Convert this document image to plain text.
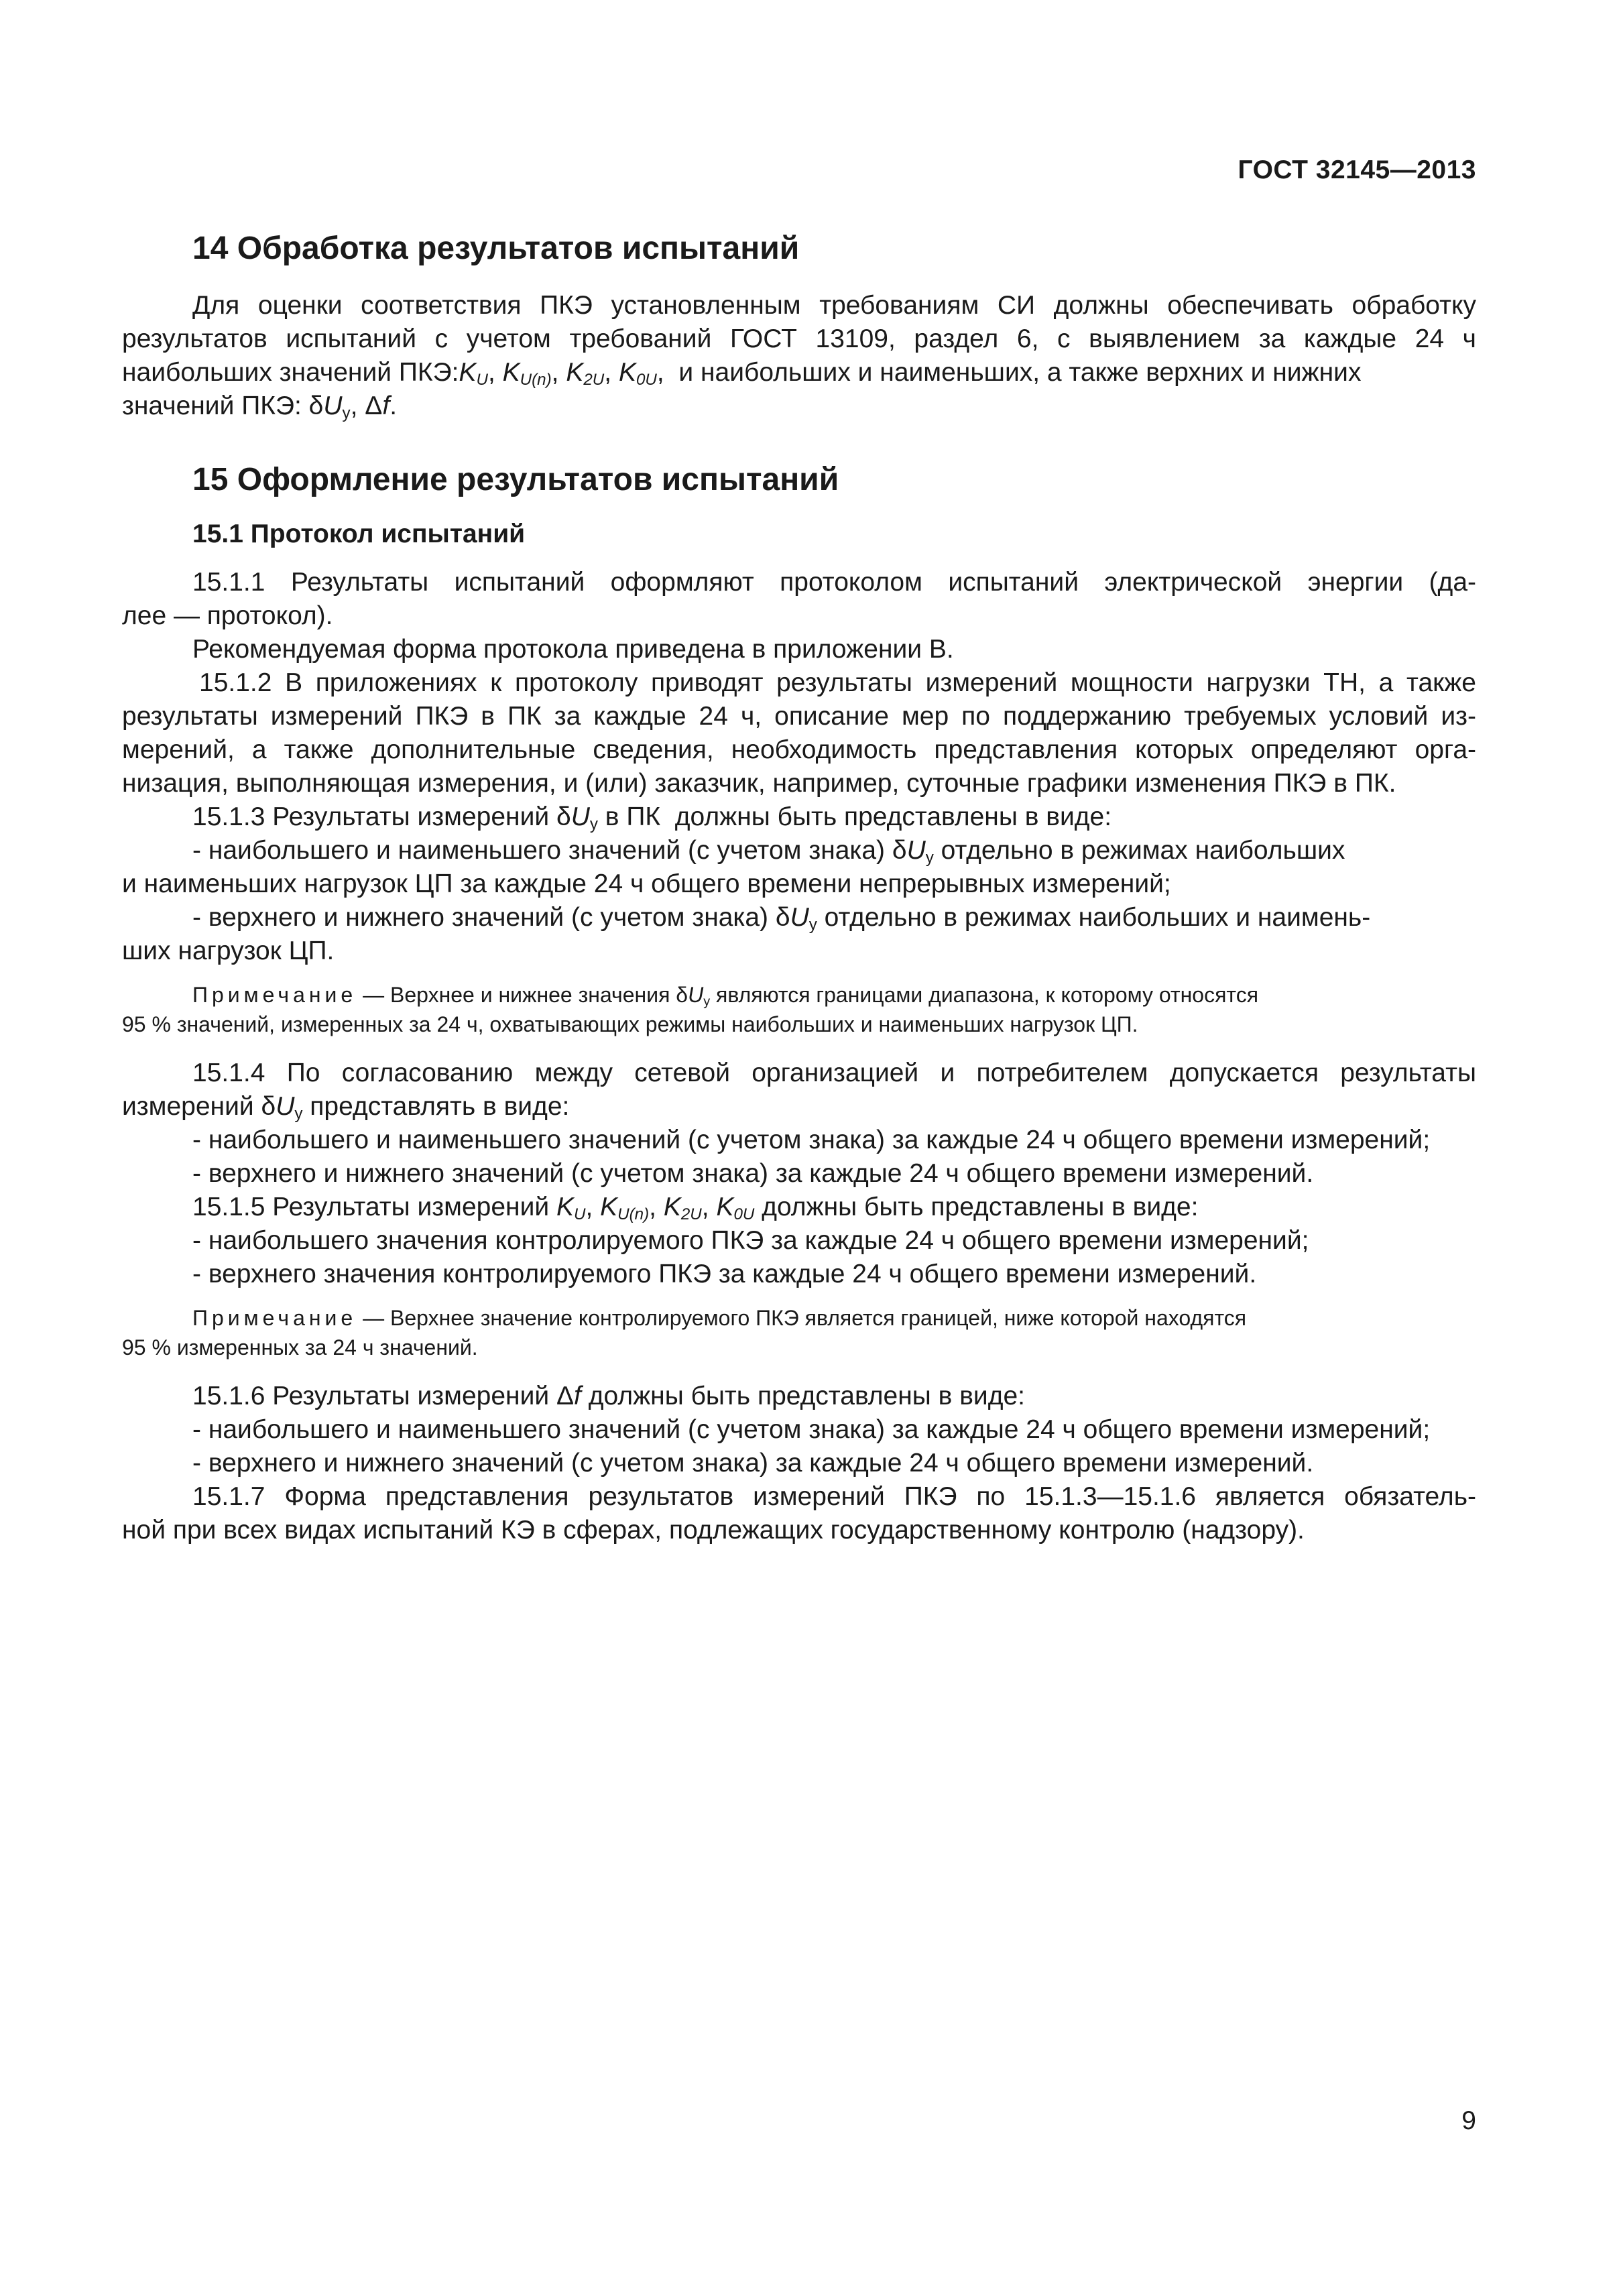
ГОСТ 32145—2013
14 Обработка результатов испытаний
Для оценки соответствия ПКЭ установленным требованиям СИ должны обеспечивать обработку
результатов испытаний с учетом требований ГОСТ 13109, раздел 6, с выявлением за каждые 24 ч
наибольших значений $ПКЭ:K_U$, $K_{U(n)}$, $K_{2U}$, $K_{0U}$,  и наибольших и наименьших, а также верхних и нижних
значений ПКЭ: $\delta U_у$, Δf.
15 Оформление результатов испытаний
15.1 Протокол испытаний
15.1.1 Результаты испытаний оформляют протоколом испытаний электрической энергии (да-
лее — протокол).
Рекомендуемая форма протокола приведена в приложении В.
15.1.2 В приложениях к протоколу приводят результаты измерений мощности нагрузки ТН, а также
результаты измерений ПКЭ в ПК за каждые 24 ч, описание мер по поддержанию требуемых условий из-
мерений, а также дополнительные сведения, необходимость представления которых определяют орга-
низация, выполняющая измерения, и (или) заказчик, например, суточные графики изменения ПКЭ в ПК.
15.1.3 Результаты измерений $\delta U_у$ в ПК  должны быть представлены в виде:
- наибольшего и наименьшего значений (с учетом знака) $\delta U_у$ отдельно в режимах наибольших
и наименьших нагрузок ЦП за каждые 24 ч общего времени непрерывных измерений;
- верхнего и нижнего значений (с учетом знака) $\delta U_у$ отдельно в режимах наибольших и наимень-
ших нагрузок ЦП.
Примечание — Верхнее и нижнее значения $\delta U_у$ являются границами диапазона, к которому относятся
95 % значений, измеренных за 24 ч, охватывающих режимы наибольших и наименьших нагрузок ЦП.
15.1.4 По согласованию между сетевой организацией и потребителем допускается результаты
измерений $\delta U_у$ представлять в виде:
- наибольшего и наименьшего значений (с учетом знака) за каждые 24 ч общего времени измерений;
- верхнего и нижнего значений (с учетом знака) за каждые 24 ч общего времени измерений.
15.1.5 Результаты измерений $K_U$, $K_{U(n)}$, $K_{2U}$, $K_{0U}$ должны быть представлены в виде:
- наибольшего значения контролируемого ПКЭ за каждые 24 ч общего времени измерений;
- верхнего значения контролируемого ПКЭ за каждые 24 ч общего времени измерений.
Примечание — Верхнее значение контролируемого ПКЭ является границей, ниже которой находятся
95 % измеренных за 24 ч значений.
15.1.6 Результаты измерений Δf должны быть представлены в виде:
- наибольшего и наименьшего значений (с учетом знака) за каждые 24 ч общего времени измерений;
- верхнего и нижнего значений (с учетом знака) за каждые 24 ч общего времени измерений.
15.1.7 Форма представления результатов измерений ПКЭ по 15.1.3—15.1.6 является обязатель-
ной при всех видах испытаний КЭ в сферах, подлежащих государственному контролю (надзору).
9
